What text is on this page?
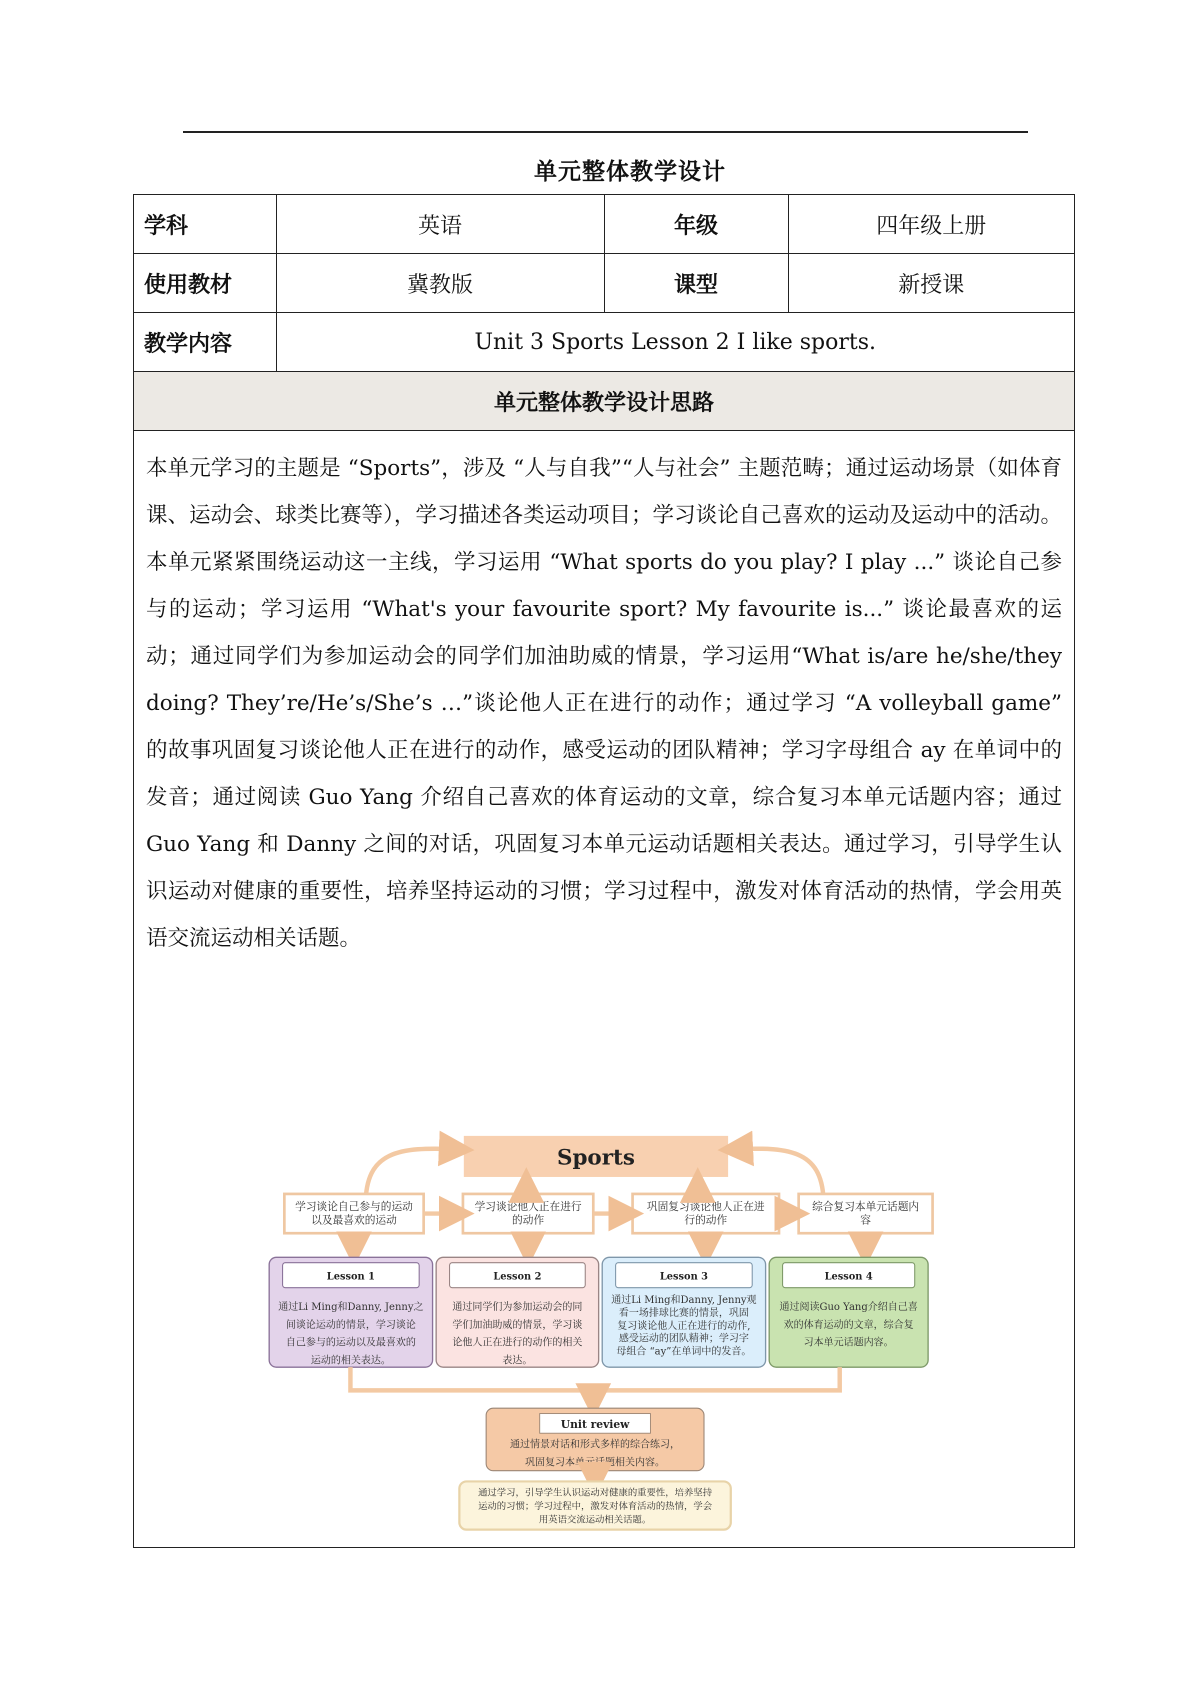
单元整体教学设计
学科	英语	年级	四年级上册
使用教材	冀教版	课型	新授课
教学内容	Unit 3 Sports Lesson 2 I like sports.		
单元整体教学设计思路			
本单元学习的主题是 “Sports”，涉及 “人与自我”“人与社会” 主题范畴；通过运动场景（如体育课、运动会、球类比赛等），学习描述各类运动项目；学习谈论自己喜欢的运动及运动中的活动。本单元紧紧围绕运动这一主线，学习运用 “What sports do you play? I play ...” 谈论自己参与的运动；学习运用 “What's your favourite sport? My favourite is...” 谈论最喜欢的运动；通过同学们为参加运动会的同学们加油助威的情景，学习运用“What is/are he/she/they doing? They’re/He’s/She’s …”谈论他人正在进行的动作；通过学习 “A volleyball game” 的故事巩固复习谈论他人正在进行的动作，感受运动的团队精神；学习字母组合 ay 在单词中的发音；通过阅读 Guo Yang 介绍自己喜欢的体育运动的文章，综合复习本单元话题内容；通过 Guo Yang 和 Danny 之间的对话，巩固复习本单元运动话题相关表达。通过学习，引导学生认识运动对健康的重要性，培养坚持运动的习惯；学习过程中，激发对体育活动的热情，学会用英语交流运动相关话题。
Sports
学习谈论自己参与的运动
以及最喜欢的运动
学习谈论他人正在进行
的动作
巩固复习谈论他人正在进
行的动作
综合复习本单元话题内
容
Lesson 1
通过Li Ming和Danny, Jenny之
间谈论运动的情景，学习谈论
自己参与的运动以及最喜欢的
运动的相关表达。
Lesson 2
通过同学们为参加运动会的同
学们加油助威的情景，学习谈
论他人正在进行的动作的相关
表达。
Lesson 3
通过Li Ming和Danny, Jenny观
看一场排球比赛的情景，巩固
复习谈论他人正在进行的动作,
感受运动的团队精神；学习字
母组合 “ay”在单词中的发音。
Lesson 4
通过阅读Guo Yang介绍自己喜
欢的体育运动的文章，综合复
习本单元话题内容。
Unit review
通过情景对话和形式多样的综合练习，
巩固复习本单元话题相关内容。
通过学习，引导学生认识运动对健康的重要性，培养坚持
运动的习惯；学习过程中，激发对体育活动的热情，学会
用英语交流运动相关话题。
